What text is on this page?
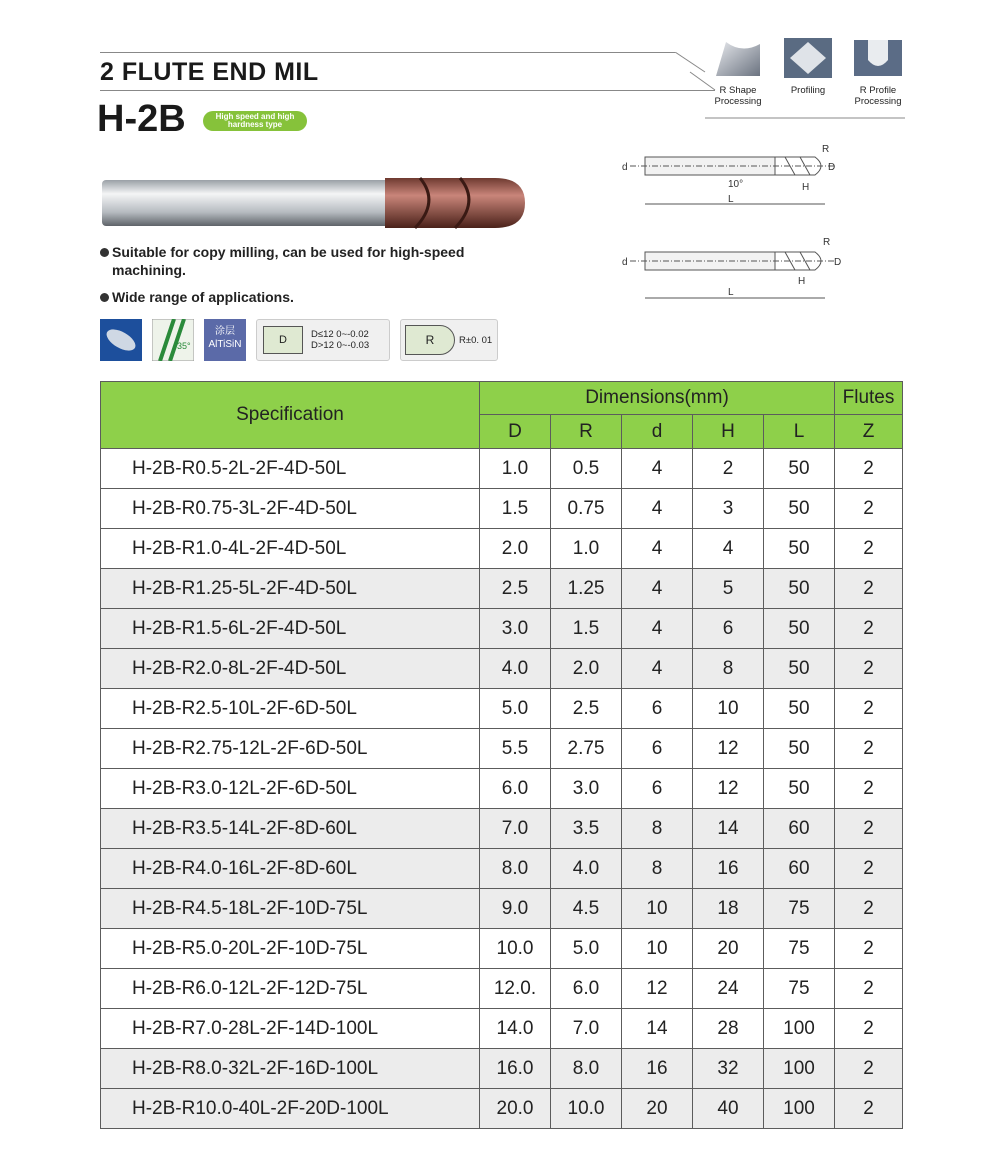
2 FLUTE END MIL
H-2B	High speed and high hardness type
R Shape Processing
Profiling	R Profile Processing
Suitable for copy milling, can be used for high-speed machining.
Wide range of applications.
35°
涂层
AlTiSiN	D	D≤12 0~-0.02
D>12 0~-0.03	R	R±0. 01
d
R
D
H
10°
L
d
R
D
H
L
Specification	Dimensions(mm)					Flutes
	D	R	d	H	L	Z
H-2B-R0.5-2L-2F-4D-50L	1.0	0.5	4	2	50	2
H-2B-R0.75-3L-2F-4D-50L	1.5	0.75	4	3	50	2
H-2B-R1.0-4L-2F-4D-50L	2.0	1.0	4	4	50	2
H-2B-R1.25-5L-2F-4D-50L	2.5	1.25	4	5	50	2
H-2B-R1.5-6L-2F-4D-50L	3.0	1.5	4	6	50	2
H-2B-R2.0-8L-2F-4D-50L	4.0	2.0	4	8	50	2
H-2B-R2.5-10L-2F-6D-50L	5.0	2.5	6	10	50	2
H-2B-R2.75-12L-2F-6D-50L	5.5	2.75	6	12	50	2
H-2B-R3.0-12L-2F-6D-50L	6.0	3.0	6	12	50	2
H-2B-R3.5-14L-2F-8D-60L	7.0	3.5	8	14	60	2
H-2B-R4.0-16L-2F-8D-60L	8.0	4.0	8	16	60	2
H-2B-R4.5-18L-2F-10D-75L	9.0	4.5	10	18	75	2
H-2B-R5.0-20L-2F-10D-75L	10.0	5.0	10	20	75	2
H-2B-R6.0-12L-2F-12D-75L	12.0.	6.0	12	24	75	2
H-2B-R7.0-28L-2F-14D-100L	14.0	7.0	14	28	100	2
H-2B-R8.0-32L-2F-16D-100L	16.0	8.0	16	32	100	2
H-2B-R10.0-40L-2F-20D-100L	20.0	10.0	20	40	100	2
